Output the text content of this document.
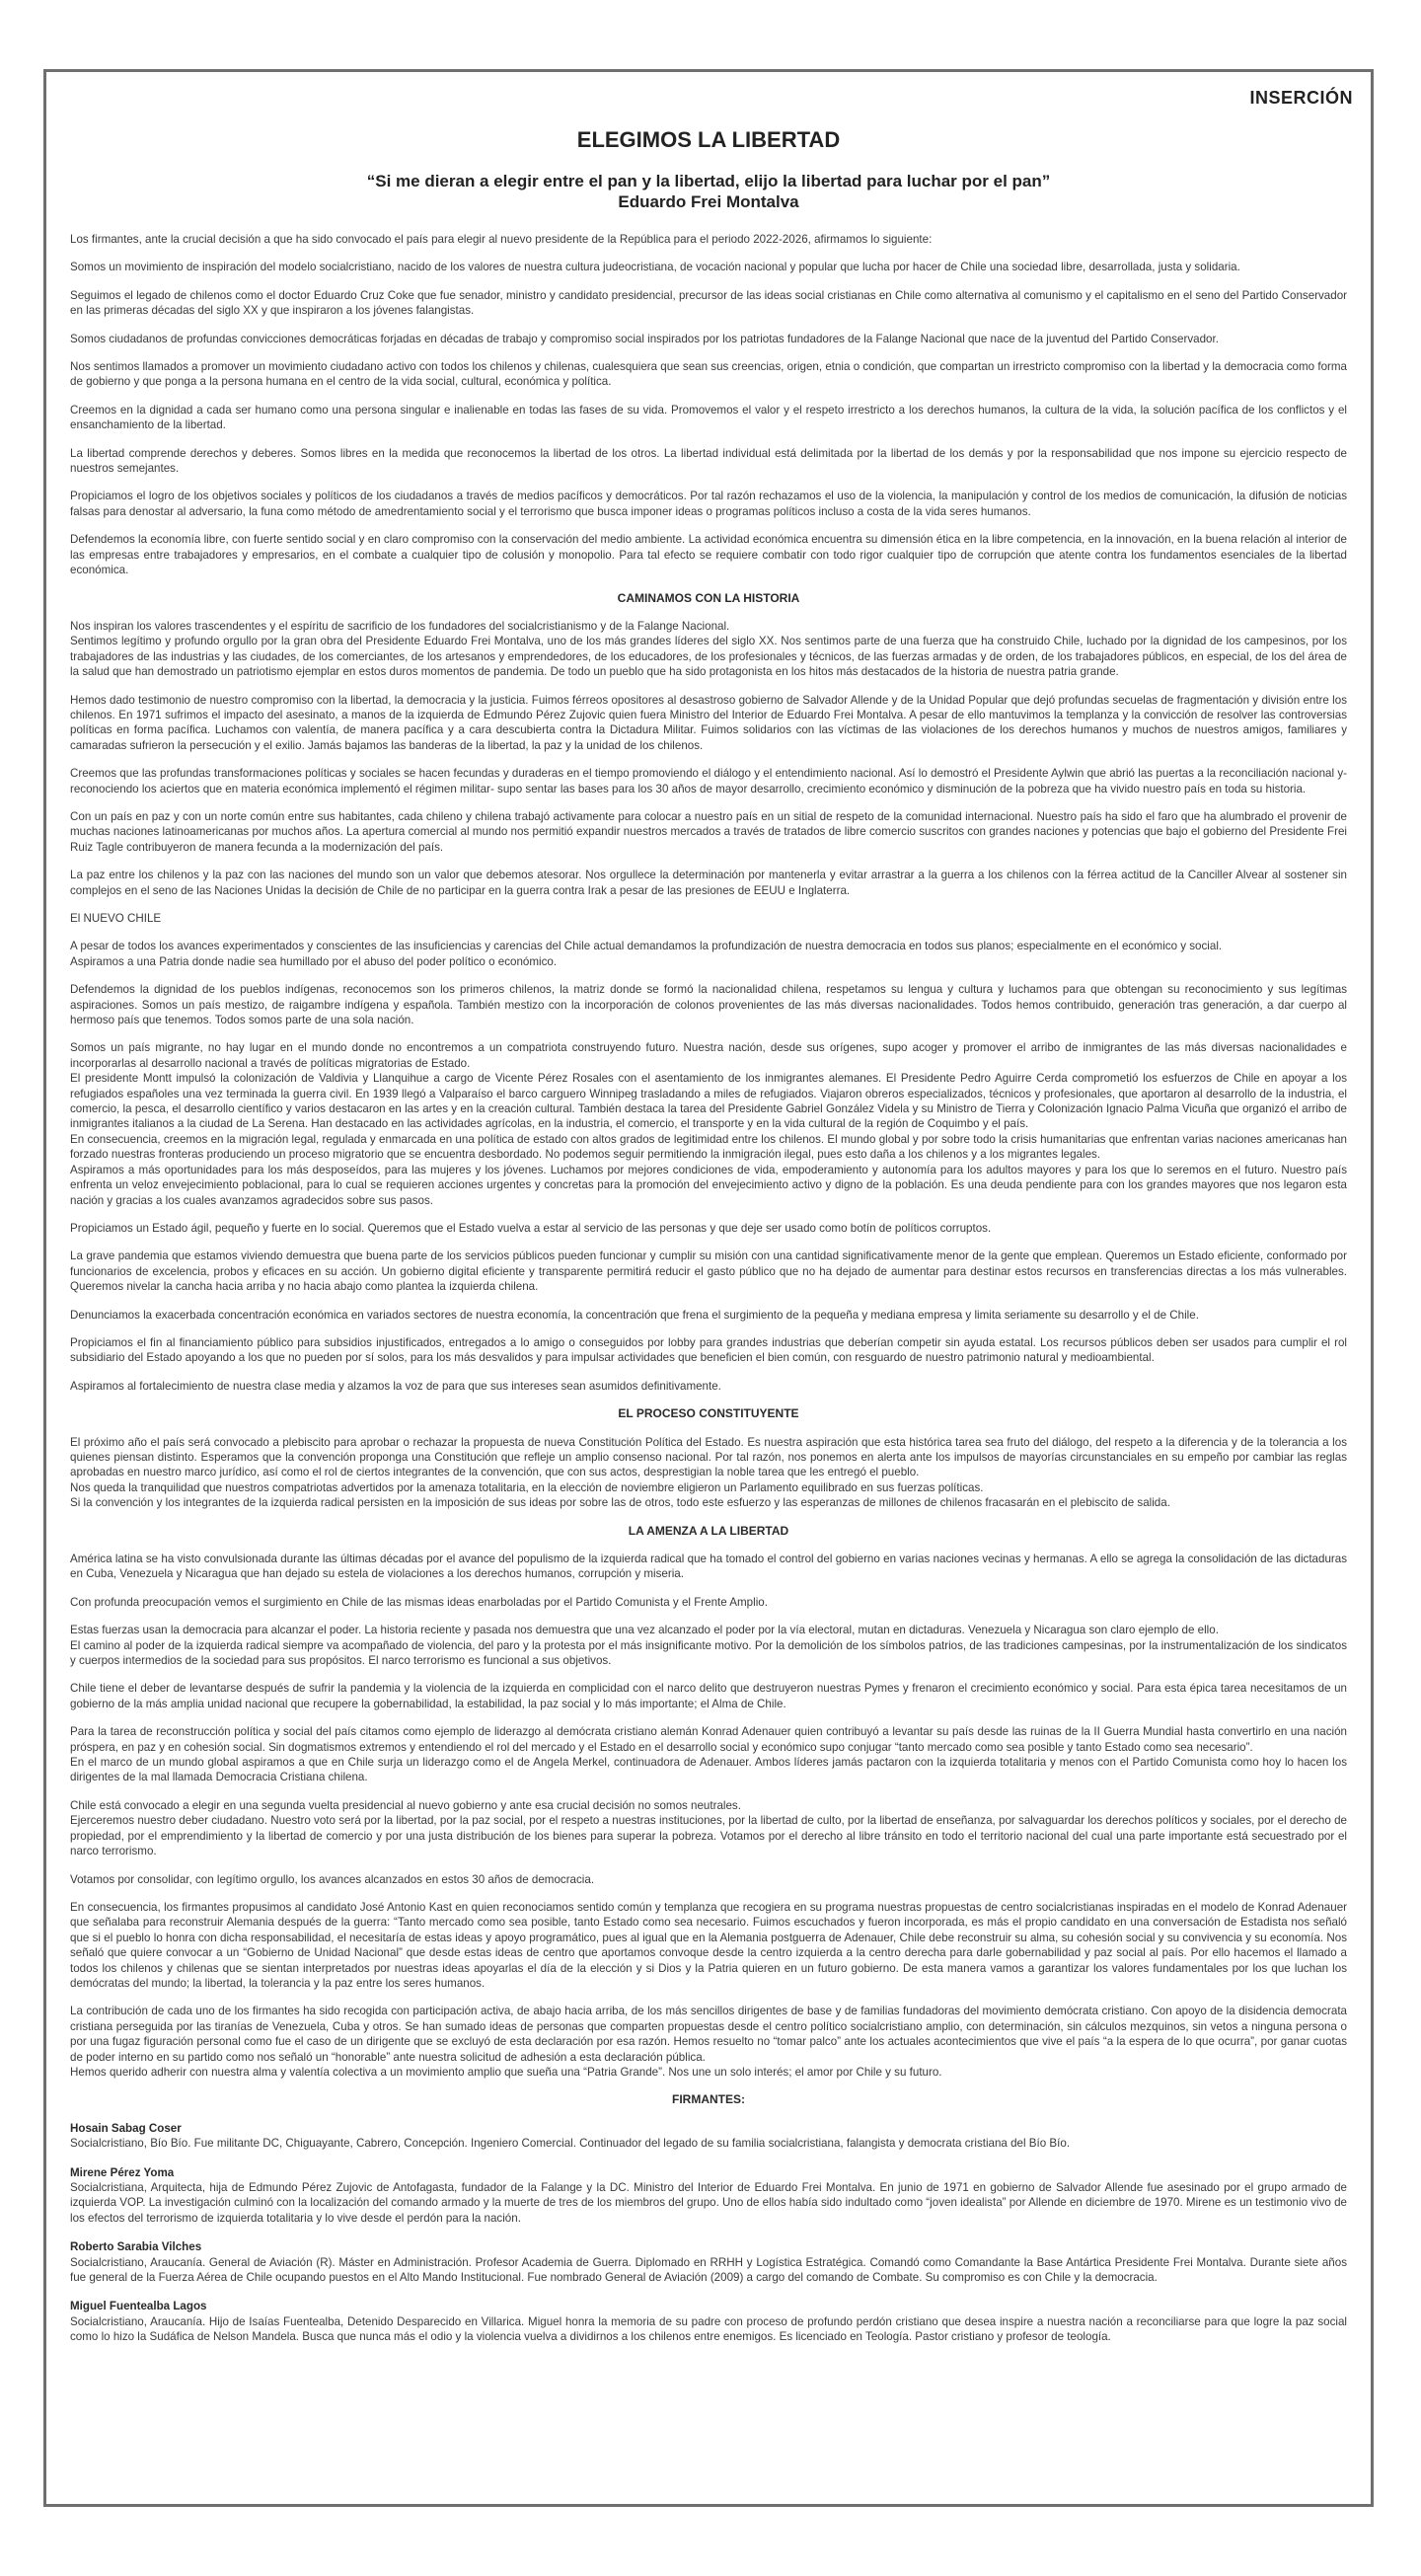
INSERCIÓN
ELEGIMOS LA LIBERTAD
“Si me dieran a elegir entre el pan y la libertad, elijo la libertad para luchar por el pan”
Eduardo Frei Montalva

Los firmantes, ante la crucial decisión a que ha sido convocado el país para elegir al nuevo presidente de la República para el periodo 2022-2026, afirmamos lo siguiente:

Somos un movimiento de inspiración del modelo socialcristiano, nacido de los valores de nuestra cultura judeocristiana, de vocación nacional y popular que lucha por hacer de Chile una sociedad libre, desarrollada, justa y solidaria.

Seguimos el legado de chilenos como el doctor Eduardo Cruz Coke que fue senador, ministro y candidato presidencial, precursor de las ideas social cristianas en Chile como alternativa al comunismo y el capitalismo en el seno del Partido Conservador en las primeras décadas del siglo XX y que inspiraron a los jóvenes falangistas.

Somos ciudadanos de profundas convicciones democráticas forjadas en décadas de trabajo y compromiso social inspirados por los patriotas fundadores de la Falange Nacional que nace de la juventud del Partido Conservador.

Nos sentimos llamados a promover un movimiento ciudadano activo con todos los chilenos y chilenas, cualesquiera que sean sus creencias, origen, etnia o condición, que compartan un irrestricto compromiso con la libertad y la democracia como forma de gobierno y que ponga a la persona humana en el centro de la vida social, cultural, económica y política.

Creemos en la dignidad a cada ser humano como una persona singular e inalienable en todas las fases de su vida. Promovemos el valor y el respeto irrestricto a los derechos humanos, la cultura de la vida, la solución pacífica de los conflictos y el ensanchamiento de la libertad.

La libertad comprende derechos y deberes. Somos libres en la medida que reconocemos la libertad de los otros. La libertad individual está delimitada por la libertad de los demás y por la responsabilidad que nos impone su ejercicio respecto de nuestros semejantes.

Propiciamos el logro de los objetivos sociales y políticos de los ciudadanos a través de medios pacíficos y democráticos. Por tal razón rechazamos el uso de la violencia, la manipulación y control de los medios de comunicación, la difusión de noticias falsas para denostar al adversario, la funa como método de amedrentamiento social y el terrorismo que busca imponer ideas o programas políticos incluso a costa de la vida seres humanos.

Defendemos la economía libre, con fuerte sentido social y en claro compromiso con la conservación del medio ambiente. La actividad económica encuentra su dimensión ética en la libre competencia, en la innovación, en la buena relación al interior de las empresas entre trabajadores y empresarios, en el combate a cualquier tipo de colusión y monopolio. Para tal efecto se requiere combatir con todo rigor cualquier tipo de corrupción que atente contra los fundamentos esenciales de la libertad económica.

CAMINAMOS CON LA HISTORIA

Nos inspiran los valores trascendentes y el espíritu de sacrificio de los fundadores del socialcristianismo y de la Falange Nacional.

Sentimos legítimo y profundo orgullo por la gran obra del Presidente Eduardo Frei Montalva, uno de los más grandes líderes del siglo XX. Nos sentimos parte de una fuerza que ha construido Chile, luchado por la dignidad de los campesinos, por los trabajadores de las industrias y las ciudades, de los comerciantes, de los artesanos y emprendedores, de los educadores, de los profesionales y técnicos, de las fuerzas armadas y de orden, de los trabajadores públicos, en especial, de los del área de la salud que han demostrado un patriotismo ejemplar en estos duros momentos de pandemia. De todo un pueblo que ha sido protagonista en los hitos más destacados de la historia de nuestra patria grande.

Hemos dado testimonio de nuestro compromiso con la libertad, la democracia y la justicia. Fuimos férreos opositores al desastroso gobierno de Salvador Allende y de la Unidad Popular que dejó profundas secuelas de fragmentación y división entre los chilenos. En 1971 sufrimos el impacto del asesinato, a manos de la izquierda de Edmundo Pérez Zujovic quien fuera Ministro del Interior de Eduardo Frei Montalva. A pesar de ello mantuvimos la templanza y la convicción de resolver las controversias políticas en forma pacífica. Luchamos con valentía, de manera pacífica y a cara descubierta contra la Dictadura Militar. Fuimos solidarios con las víctimas de las violaciones de los derechos humanos y muchos de nuestros amigos, familiares y camaradas sufrieron la persecución y el exilio. Jamás bajamos las banderas de la libertad, la paz y la unidad de los chilenos.

Creemos que las profundas transformaciones políticas y sociales se hacen fecundas y duraderas en el tiempo promoviendo el diálogo y el entendimiento nacional. Así lo demostró el Presidente Aylwin que abrió las puertas a la reconciliación nacional y- reconociendo los aciertos que en materia económica implementó el régimen militar- supo sentar las bases para los 30 años de mayor desarrollo, crecimiento económico y disminución de la pobreza que ha vivido nuestro país en toda su historia.

Con un país en paz y con un norte común entre sus habitantes, cada chileno y chilena trabajó activamente para colocar a nuestro país en un sitial de respeto de la comunidad internacional. Nuestro país ha sido el faro que ha alumbrado el provenir de muchas naciones latinoamericanas por muchos años. La apertura comercial al mundo nos permitió expandir nuestros mercados a través de tratados de libre comercio suscritos con grandes naciones y potencias que bajo el gobierno del Presidente Frei Ruiz Tagle contribuyeron de manera fecunda a la modernización del país.

La paz entre los chilenos y la paz con las naciones del mundo son un valor que debemos atesorar. Nos orgullece la determinación por mantenerla y evitar arrastrar a la guerra a los chilenos con la férrea actitud de la Canciller Alvear al sostener sin complejos en el seno de las Naciones Unidas la decisión de Chile de no participar en la guerra contra Irak a pesar de las presiones de EEUU e Inglaterra.

El NUEVO CHILE

A pesar de todos los avances experimentados y conscientes de las insuficiencias y carencias del Chile actual demandamos la profundización de nuestra democracia en todos sus planos; especialmente en el económico y social.

Aspiramos a una Patria donde nadie sea humillado por el abuso del poder político o económico.

Defendemos la dignidad de los pueblos indígenas, reconocemos son los primeros chilenos, la matriz donde se formó la nacionalidad chilena, respetamos su lengua y cultura y luchamos para que obtengan su reconocimiento y sus legítimas aspiraciones. Somos un país mestizo, de raigambre indígena y española. También mestizo con la incorporación de colonos provenientes de las más diversas nacionalidades. Todos hemos contribuido, generación tras generación, a dar cuerpo al hermoso país que tenemos. Todos somos parte de una sola nación.

Somos un país migrante, no hay lugar en el mundo donde no encontremos a un compatriota construyendo futuro. Nuestra nación, desde sus orígenes, supo acoger y promover el arribo de inmigrantes de las más diversas nacionalidades e incorporarlas al desarrollo nacional a través de políticas migratorias de Estado.

El presidente Montt impulsó la colonización de Valdivia y Llanquihue a cargo de Vicente Pérez Rosales con el asentamiento de los inmigrantes alemanes. El Presidente Pedro Aguirre Cerda comprometió los esfuerzos de Chile en apoyar a los refugiados españoles una vez terminada la guerra civil. En 1939 llegó a Valparaíso el barco carguero Winnipeg trasladando a miles de refugiados. Viajaron obreros especializados, técnicos y profesionales, que aportaron al desarrollo de la industria, el comercio, la pesca, el desarrollo científico y varios destacaron en las artes y en la creación cultural. También destaca la tarea del Presidente Gabriel González Videla y su Ministro de Tierra y Colonización Ignacio Palma Vicuña que organizó el arribo de inmigrantes italianos a la ciudad de La Serena. Han destacado en las actividades agrícolas, en la industria, el comercio, el transporte y en la vida cultural de la región de Coquimbo y el país.

En consecuencia, creemos en la migración legal, regulada y enmarcada en una política de estado con altos grados de legitimidad entre los chilenos. El mundo global y por sobre todo la crisis humanitarias que enfrentan varias naciones americanas han forzado nuestras fronteras produciendo un proceso migratorio que se encuentra desbordado. No podemos seguir permitiendo la inmigración ilegal, pues esto daña a los chilenos y a los migrantes legales.

Aspiramos a más oportunidades para los más desposeídos, para las mujeres y los jóvenes. Luchamos por mejores condiciones de vida, empoderamiento y autonomía para los adultos mayores y para los que lo seremos en el futuro. Nuestro país enfrenta un veloz envejecimiento poblacional, para lo cual se requieren acciones urgentes y concretas para la promoción del envejecimiento activo y digno de la población. Es una deuda pendiente para con los grandes mayores que nos legaron esta nación y gracias a los cuales avanzamos agradecidos sobre sus pasos.

Propiciamos un Estado ágil, pequeño y fuerte en lo social. Queremos que el Estado vuelva a estar al servicio de las personas y que deje ser usado como botín de políticos corruptos.

La grave pandemia que estamos viviendo demuestra que buena parte de los servicios públicos pueden funcionar y cumplir su misión con una cantidad significativamente menor de la gente que emplean. Queremos un Estado eficiente, conformado por funcionarios de excelencia, probos y eficaces en su acción. Un gobierno digital eficiente y transparente permitirá reducir el gasto público que no ha dejado de aumentar para destinar estos recursos en transferencias directas a los más vulnerables. Queremos nivelar la cancha hacia arriba y no hacia abajo como plantea la izquierda chilena.

Denunciamos la exacerbada concentración económica en variados sectores de nuestra economía, la concentración que frena el surgimiento de la pequeña y mediana empresa y limita seriamente su desarrollo y el de Chile.

Propiciamos el fin al financiamiento público para subsidios injustificados, entregados a lo amigo o conseguidos por lobby para grandes industrias que deberían competir sin ayuda estatal. Los recursos públicos deben ser usados para cumplir el rol subsidiario del Estado apoyando a los que no pueden por sí solos, para los más desvalidos y para impulsar actividades que beneficien el bien común, con resguardo de nuestro patrimonio natural y medioambiental.

Aspiramos al fortalecimiento de nuestra clase media y alzamos la voz de para que sus intereses sean asumidos definitivamente.

EL PROCESO CONSTITUYENTE

El próximo año el país será convocado a plebiscito para aprobar o rechazar la propuesta de nueva Constitución Política del Estado. Es nuestra aspiración que esta histórica tarea sea fruto del diálogo, del respeto a la diferencia y de la tolerancia a los quienes piensan distinto. Esperamos que la convención proponga una Constitución que refleje un amplio consenso nacional. Por tal razón, nos ponemos en alerta ante los impulsos de mayorías circunstanciales en su empeño por cambiar las reglas aprobadas en nuestro marco jurídico, así como el rol de ciertos integrantes de la convención, que con sus actos, desprestigian la noble tarea que les entregó el pueblo.

Nos queda la tranquilidad que nuestros compatriotas advertidos por la amenaza totalitaria, en la elección de noviembre eligieron un Parlamento equilibrado en sus fuerzas políticas.

Si la convención y los integrantes de la izquierda radical persisten en la imposición de sus ideas por sobre las de otros, todo este esfuerzo y las esperanzas de millones de chilenos fracasarán en el plebiscito de salida.

LA AMENZA A LA LIBERTAD

América latina se ha visto convulsionada durante las últimas décadas por el avance del populismo de la izquierda radical que ha tomado el control del gobierno en varias naciones vecinas y hermanas. A ello se agrega la consolidación de las dictaduras en Cuba, Venezuela y Nicaragua que han dejado su estela de violaciones a los derechos humanos, corrupción y miseria.

Con profunda preocupación vemos el surgimiento en Chile de las mismas ideas enarboladas por el Partido Comunista y el Frente Amplio.

Estas fuerzas usan la democracia para alcanzar el poder. La historia reciente y pasada nos demuestra que una vez alcanzado el poder por la vía electoral, mutan en dictaduras. Venezuela y Nicaragua son claro ejemplo de ello.

El camino al poder de la izquierda radical siempre va acompañado de violencia, del paro y la protesta por el más insignificante motivo. Por la demolición de los símbolos patrios, de las tradiciones campesinas, por la instrumentalización de los sindicatos y cuerpos intermedios de la sociedad para sus propósitos. El narco terrorismo es funcional a sus objetivos.

Chile tiene el deber de levantarse después de sufrir la pandemia y la violencia de la izquierda en complicidad con el narco delito que destruyeron nuestras Pymes y frenaron el crecimiento económico y social. Para esta épica tarea necesitamos de un gobierno de la más amplia unidad nacional que recupere la gobernabilidad, la estabilidad, la paz social y lo más importante; el Alma de Chile.

Para la tarea de reconstrucción política y social del país citamos como ejemplo de liderazgo al demócrata cristiano alemán Konrad Adenauer quien contribuyó a levantar su país desde las ruinas de la II Guerra Mundial hasta convertirlo en una nación próspera, en paz y en cohesión social. Sin dogmatismos extremos y entendiendo el rol del mercado y el Estado en el desarrollo social y económico supo conjugar “tanto mercado como sea posible y tanto Estado como sea necesario”.

En el marco de un mundo global aspiramos a que en Chile surja un liderazgo como el de Angela Merkel, continuadora de Adenauer. Ambos líderes jamás pactaron con la izquierda totalitaria y menos con el Partido Comunista como hoy lo hacen los dirigentes de la mal llamada Democracia Cristiana chilena.

Chile está convocado a elegir en una segunda vuelta presidencial al nuevo gobierno y ante esa crucial decisión no somos neutrales.

Ejerceremos nuestro deber ciudadano. Nuestro voto será por la libertad, por la paz social, por el respeto a nuestras instituciones, por la libertad de culto, por la libertad de enseñanza, por salvaguardar los derechos políticos y sociales, por el derecho de propiedad, por el emprendimiento y la libertad de comercio y por una justa distribución de los bienes para superar la pobreza. Votamos por el derecho al libre tránsito en todo el territorio nacional del cual una parte importante está secuestrado por el narco terrorismo.

Votamos por consolidar, con legítimo orgullo, los avances alcanzados en estos 30 años de democracia.

En consecuencia, los firmantes propusimos al candidato José Antonio Kast en quien reconociamos sentido común y templanza que recogiera en su programa nuestras propuestas de centro socialcristianas inspiradas en el modelo de Konrad Adenauer que señalaba para reconstruir Alemania después de la guerra: “Tanto mercado como sea posible, tanto Estado como sea necesario. Fuimos escuchados y fueron incorporada, es más el propio candidato en una conversación de Estadista nos señaló que si el pueblo lo honra con dicha responsabilidad, el necesitaría de estas ideas y apoyo programático, pues al igual que en la Alemania postguerra de Adenauer, Chile debe reconstruir su alma, su cohesión social y su convivencia y su economía. Nos señaló que quiere convocar a un “Gobierno de Unidad Nacional” que desde estas ideas de centro que aportamos convoque desde la centro izquierda a la centro derecha para darle gobernabilidad y paz social al país. Por ello hacemos el llamado a todos los chilenos y chilenas que se sientan interpretados por nuestras ideas apoyarlas el día de la elección y si Dios y la Patria quieren en un futuro gobierno. De esta manera vamos a garantizar los valores fundamentales por los que luchan los demócratas del mundo; la libertad, la tolerancia y la paz entre los seres humanos.

La contribución de cada uno de los firmantes ha sido recogida con participación activa, de abajo hacia arriba, de los más sencillos dirigentes de base y de familias fundadoras del movimiento demócrata cristiano. Con apoyo de la disidencia democrata cristiana perseguida por las tiranías de Venezuela, Cuba y otros. Se han sumado ideas de personas que comparten propuestas desde el centro político socialcristiano amplio, con determinación, sin cálculos mezquinos, sin vetos a ninguna persona o por una fugaz figuración personal como fue el caso de un dirigente que se excluyó de esta declaración por esa razón. Hemos resuelto no “tomar palco” ante los actuales acontecimientos que vive el país “a la espera de lo que ocurra”, por ganar cuotas de poder interno en su partido como nos señaló un “honorable” ante nuestra solicitud de adhesión a esta declaración pública.

Hemos querido adherir con nuestra alma y valentía colectiva a un movimiento amplio que sueña una “Patria Grande”. Nos une un solo interés; el amor por Chile y su futuro.

FIRMANTES:
Hosain Sabag Coser
Socialcristiano, Bío Bío. Fue militante DC, Chiguayante, Cabrero, Concepción. Ingeniero Comercial. Continuador del legado de su familia socialcristiana, falangista y democrata cristiana del Bío Bío.
Mirene Pérez Yoma
Socialcristiana, Arquitecta, hija de Edmundo Pérez Zujovic de Antofagasta, fundador de la Falange y la DC. Ministro del Interior de Eduardo Frei Montalva. En junio de 1971 en gobierno de Salvador Allende fue asesinado por el grupo armado de izquierda VOP. La investigación culminó con la localización del comando armado y la muerte de tres de los miembros del grupo. Uno de ellos había sido indultado como “joven idealista” por Allende en diciembre de 1970. Mirene es un testimonio vivo de los efectos del terrorismo de izquierda totalitaria y lo vive desde el perdón para la nación.
Roberto Sarabia Vilches
Socialcristiano, Araucanía. General de Aviación (R). Máster en Administración. Profesor Academia de Guerra. Diplomado en RRHH y Logística Estratégica. Comandó como Comandante la Base Antártica Presidente Frei Montalva. Durante siete años fue general de la Fuerza Aérea de Chile ocupando puestos en el Alto Mando Institucional. Fue nombrado General de Aviación (2009) a cargo del comando de Combate. Su compromiso es con Chile y la democracia.
Miguel Fuentealba Lagos
Socialcristiano, Araucanía. Hijo de Isaías Fuentealba, Detenido Desparecido en Villarica. Miguel honra la memoria de su padre con proceso de profundo perdón cristiano que desea inspire a nuestra nación a reconciliarse para que logre la paz social como lo hizo la Sudáfica de Nelson Mandela. Busca que nunca más el odio y la violencia vuelva a dividirnos a los chilenos entre enemigos. Es licenciado en Teología. Pastor cristiano y profesor de teología.
